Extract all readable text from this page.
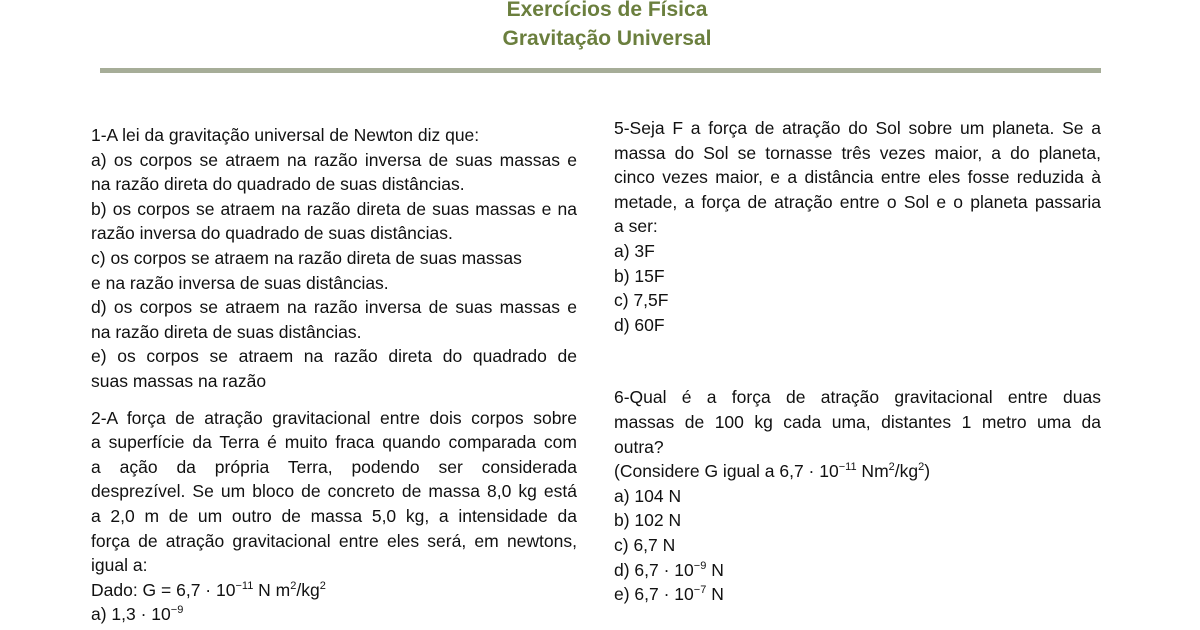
Exercícios de Física
Gravitação Universal
1-A lei da gravitação universal de Newton diz que:
a) os corpos se atraem na razão inversa de suas massas e
na razão direta do quadrado de suas distâncias.
b) os corpos se atraem na razão direta de suas massas e na
razão inversa do quadrado de suas distâncias.
c) os corpos se atraem na razão direta de suas massas
e na razão inversa de suas distâncias.
d) os corpos se atraem na razão inversa de suas massas e
na razão direta de suas distâncias.
e) os corpos se atraem na razão direta do quadrado de
suas massas na razão
2-A força de atração gravitacional entre dois corpos sobre
a superfície da Terra é muito fraca quando comparada com
a ação da própria Terra, podendo ser considerada
desprezível. Se um bloco de concreto de massa 8,0 kg está
a 2,0 m de um outro de massa 5,0 kg, a intensidade da
força de atração gravitacional entre eles será, em newtons,
igual a:
Dado: $G = 6,7 \cdot 10^{-11}$ N $m^2/kg^2$
a) $1,3 \cdot 10^{-9}$
5-Seja F a força de atração do Sol sobre um planeta. Se a
massa do Sol se tornasse três vezes maior, a do planeta,
cinco vezes maior, e a distância entre eles fosse reduzida à
metade, a força de atração entre o Sol e o planeta passaria
a ser:
a) 3F
b) 15F
c) 7,5F
d) 60F
6-Qual é a força de atração gravitacional entre duas
massas de 100 kg cada uma, distantes 1 metro uma da
outra?
(Considere G igual a $6,7 \cdot 10^{-11}$ $Nm^2/kg^2$)
a) 104 N
b) 102 N
c) 6,7 N
d) $6,7 \cdot 10^{-9}$ N
e) $6,7 \cdot 10^{-7}$ N
